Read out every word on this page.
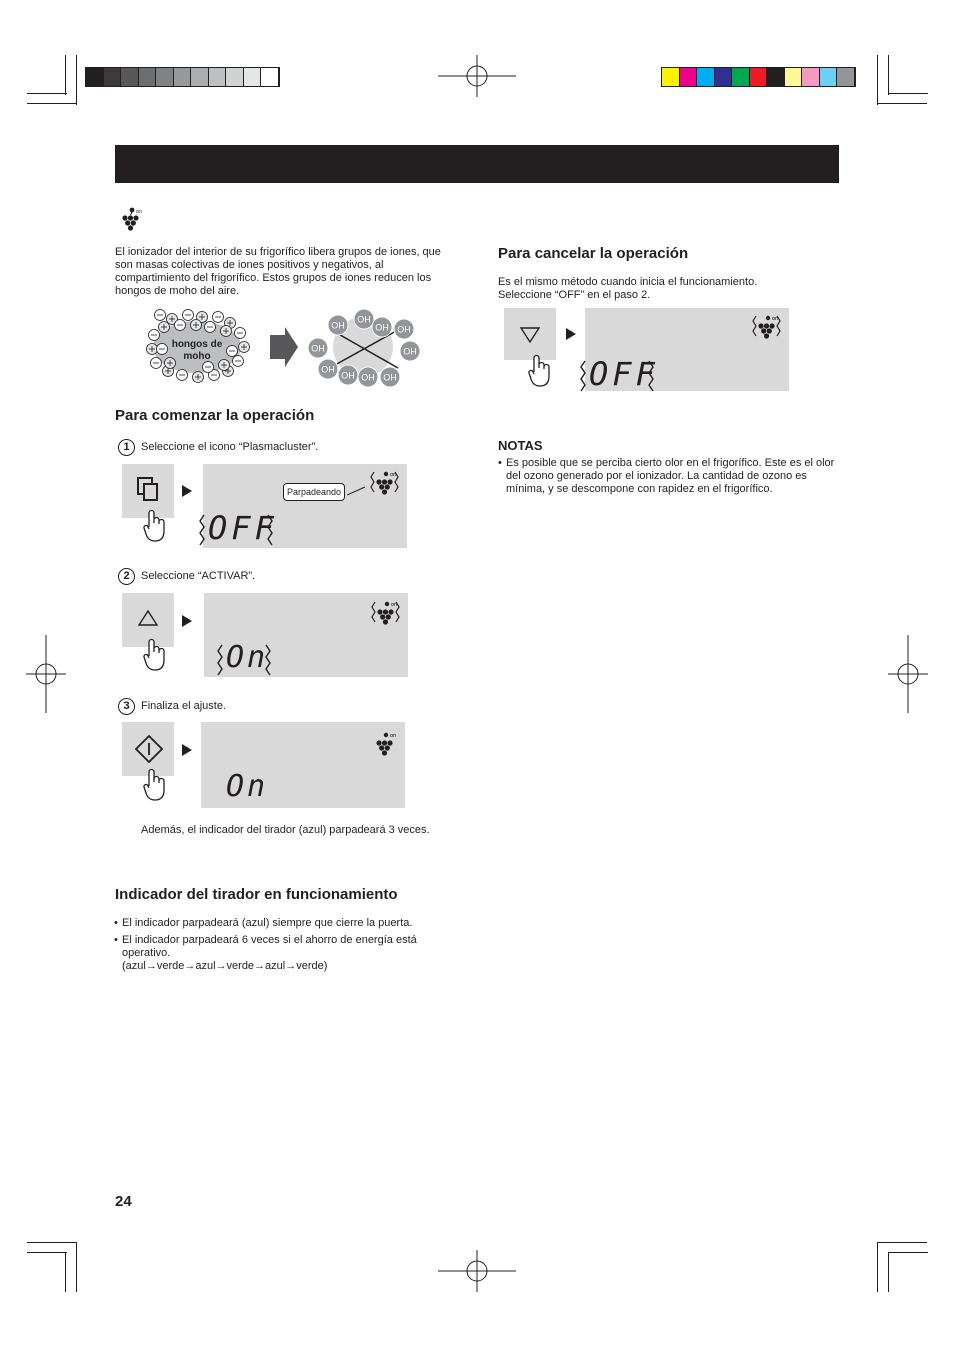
on
El ionizador del interior de su frigorífico libera grupos de iones, que son masas colectivas de iones positivos y negativos, al compartimiento del frigorífico. Estos grupos de iones reducen los hongos de moho del aire.
OH
OH
OH OH
OH	OH
OH
OH OH OH
hongos de moho
Para comenzar la operación
1	Seleccione el icono “Plasmacluster”.
Parpadeando
on
OFF
2	Seleccione “ACTIVAR”.
on
On
3	Finaliza el ajuste.
on
On
Además, el indicador del tirador (azul) parpadeará 3 veces.
Indicador del tirador en funcionamiento
• El indicador parpadeará (azul) siempre que cierre la puerta.
• El indicador parpadeará 6 veces si el ahorro de energía está operativo.
(azul→verde→azul→verde→azul→verde)
Para cancelar la operación
Es el mismo método cuando inicia el funcionamiento. Seleccione “OFF” en el paso 2.
on
OFF
NOTAS
• Es posible que se perciba cierto olor en el frigorífico. Este es el olor del ozono generado por el ionizador. La cantidad de ozono es mínima, y se descompone con rapidez en el frigorífico.
24
